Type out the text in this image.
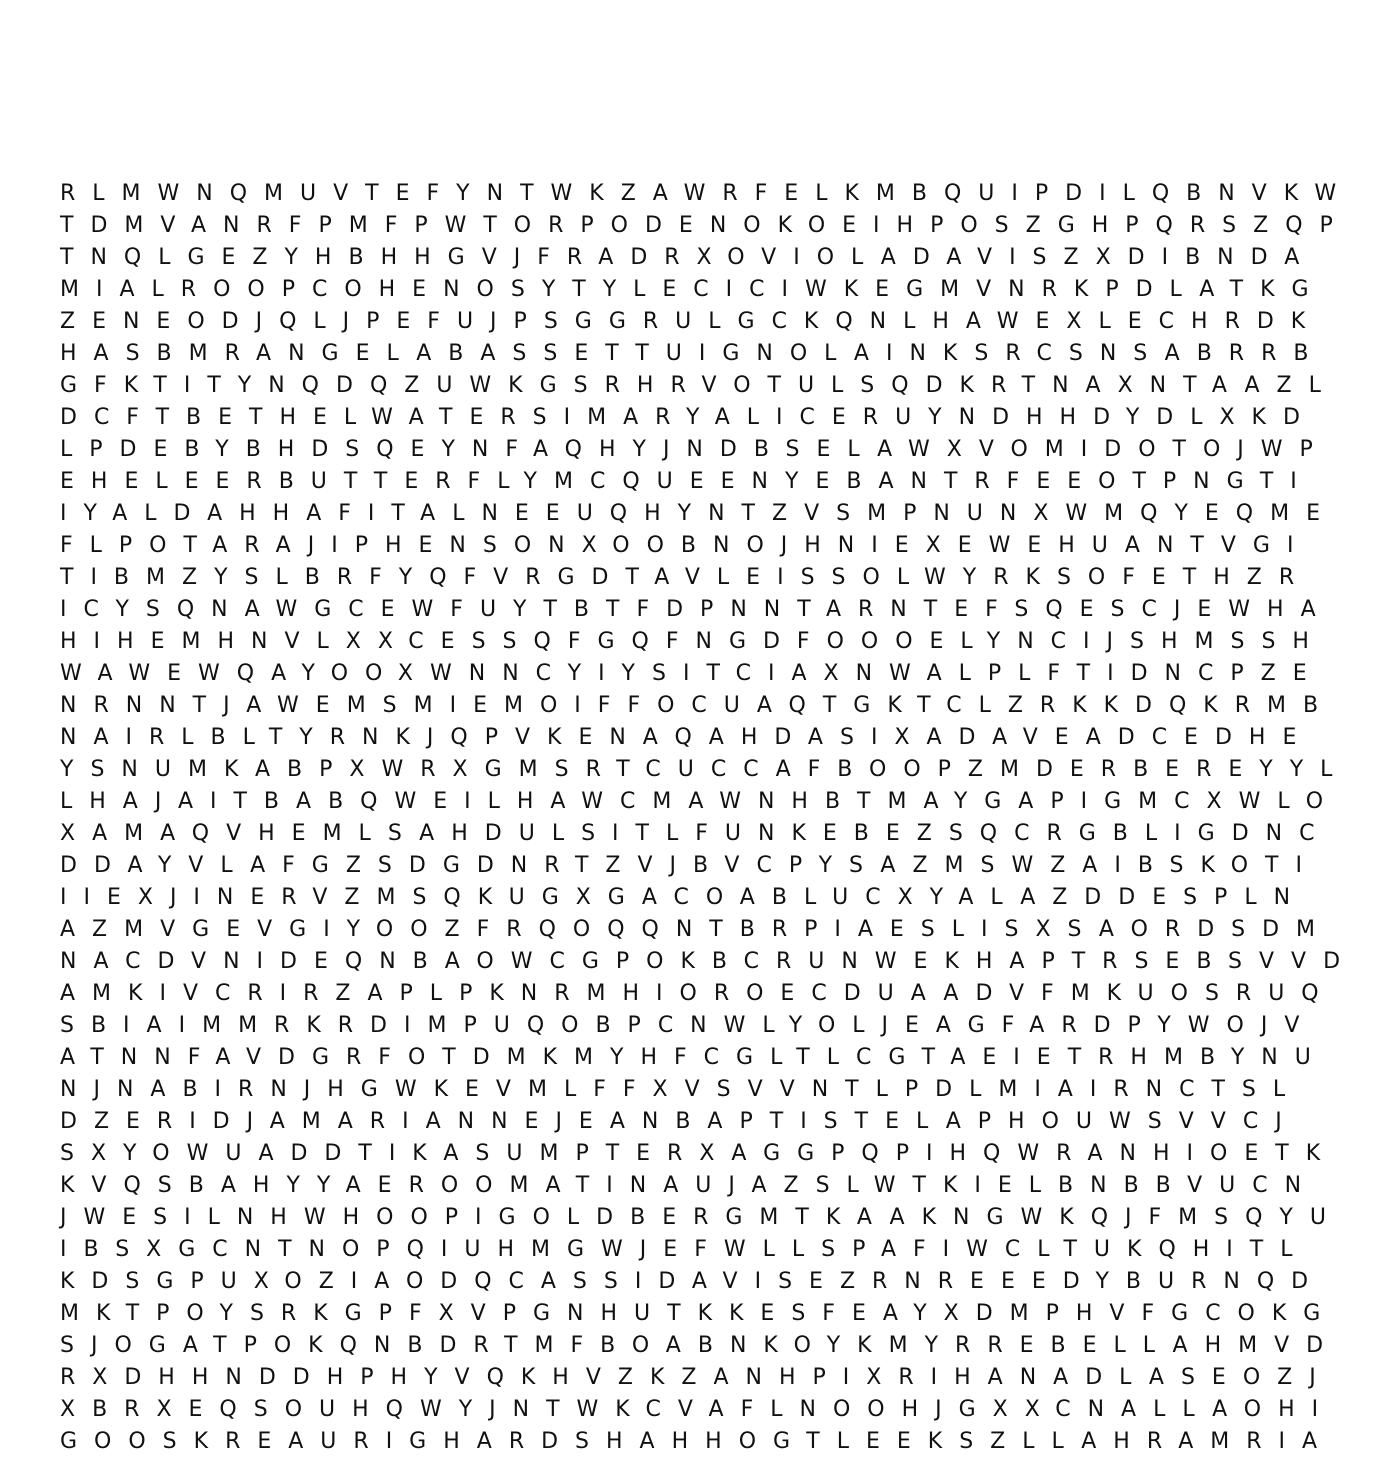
RLMWNQMUVTEFYNTWKZAWRFELKMBQUIPDILQBNVKW
TDMVANRFPMFPWTORPODENOKOEIHPOSZGHPQRSZQP
TNQLGEZYHBHHGVJFRADRXOVIOLADAVISZXDIBNDA
MIALROOPCOHENOSYTYLECICIWKEGMVNRKPDLATKG
ZENEODJQLJPEFUJPSGGRULGCKQNLHAWEXLECHRDK
HASBMRANGELABASSETTUIGNOLAINKSRCSNSABRRB
GFKTITYNQDQZUWKGSRHRVOTULSQDKRTNAXNTAAZL
DCFTBETHELWATERSIMARYALICERUYNDHHDYDLXKD
LPDEBYBHDSQEYNFAQHYJNDBSELAWXVOMIDOTOJWP
EHELEERBUTTERFLYMCQUEENYEBANTRFEEOTPNGTI
IYALDAHHAFITALNEEUQHYNTZVSMPNUNXWMQYEQME
FLPOTARAJIPHENSONXOOBNOJHNIEXEWEHUANTVGI
TIBMZYSLBRFYQFVRGDTAVLEISSOLWYRKSOFETHZR
ICYSQNAWGCEWFUYTBTFDPNNTARNTEFSQESCJEWHA
HIHEMHNVLXXCESSQFGQFNGDFOOOELYNCIJSHMSSH
WAWEWQAYOOXWNNCYIYSITCIAXNWALPLFTIDNCPZE
NRNNTJAWEMSMIEMOIFFOCUAQTGKTCLZRKKDQKRMB
NAIRLBLTYRNKJQPVKENAQAHDASIXADAVEADCEDHE
YSNUMKABPXWRXGMSRTCUCCAFBOOPZMDERBEREYYL
LHAJAITBABQWEILHAWCMAWNHBTMAYGAPIGMCXWLO
XAMAQVHEMLSAHDULSITLFUNKEBEZSQCRGBLIGDNC
DDAYVLAFGZSDGDNRTZVJBVCPYSAZMSWZAIBSKOTI
IIEXJINERVZMSQKUGXGACOABLUCXYALAZDDESPLN
AZMVGEVGIYOOZFRQOQQNTBRPIAESLISXSAORDSDM
NACDVNIDEQNBAOWCGPOKBCRUNWEKHAPTRSEBSVVD
AMKIVCRIRZAPLPKNRMHIOROECDUAADVFMKUOSRUQ
SBIAIMMRKRDIMPUQOBPCNWLYOLJEAGFARDPYWOJV
ATNNFAVDGRFOTDMKMYHFCGLTLCGTAEIETRHMBYNU
NJNABIRNJHGWKEVMLFFXVSVVNTLPDLMIAIRNCTSL
DZERIDJAMARIANNEJEANBAPTISTELAPHOUWSVVCJ
SXYOWUADDTIKASUMPTERXAGGPQPIHQWRANHIOETK
KVQSBAHYYAEROOMATINAUJAZSLWTKIELBNBBVUCN
JWESILNHWHOOPIGOLDBERGMTKAAKNGWKQJFMSQYU
IBSXGCNTNOPQIUHMGWJEFWLLSPAFIWCLTUKQHITL
KDSGPUXOZIAODQCASSIDAVISEZRNREEEDYBURNQD
MKTPOYSRKGPFXVPGNHUTKKESFEAYXDMPHVFGCOKG
SJOGATPOKQNBDRTMFBOABNKOYKMYRREBELLAHMVD
RXDHHNDDHPHYVQKHVZKZANHPIXRIHANADLASEOZJ
XBRXEQSOUHQWYJNTWKCVAFLNOOHJGXXCNALLAOHI
GOOSKREAURIGHARDSHAHHOGTLEEKSZLLAHRAMRIA
